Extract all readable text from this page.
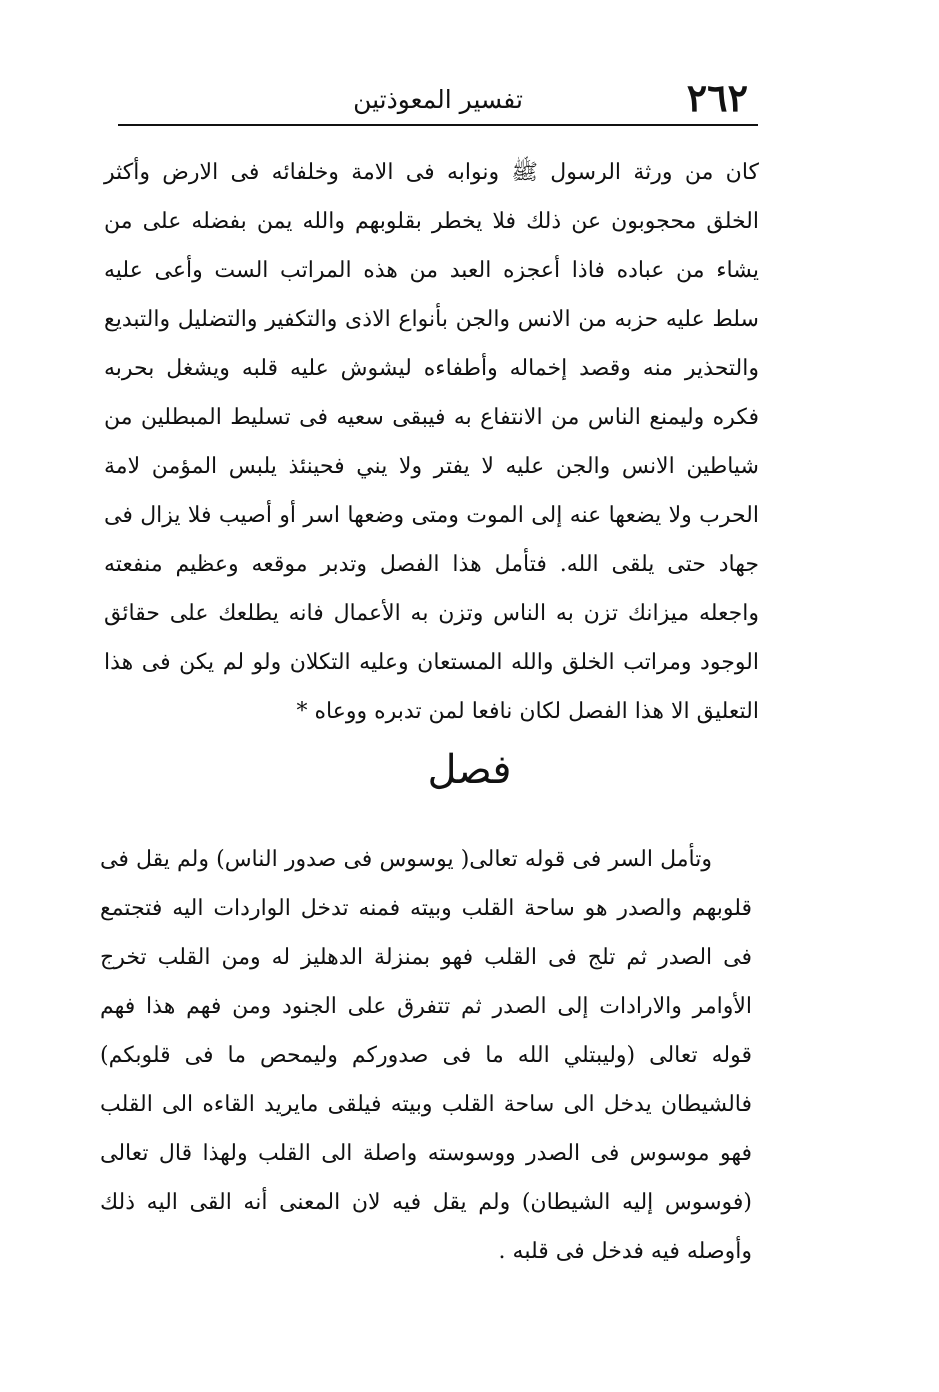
٢٦٢
تفسير المعوذتين

كان من ورثة الرسول ﷺ ونوابه فى الامة وخلفائه فى الارض وأكثر الخلق محجوبون عن ذلك فلا يخطر بقلوبهم والله يمن بفضله على من يشاء من عباده فاذا أعجزه العبد من هذه المراتب الست وأعى عليه سلط عليه حزبه من الانس والجن بأنواع الاذى والتكفير والتضليل والتبديع والتحذير منه وقصد إخماله وأطفاءه ليشوش عليه قلبه ويشغل بحربه فكره وليمنع الناس من الانتفاع به فيبقى سعيه فى تسليط المبطلين من شياطين الانس والجن عليه لا يفتر ولا يني فحينئذ يلبس المؤمن لامة الحرب ولا يضعها عنه إلى الموت ومتى وضعها اسر أو أصيب فلا يزال فى جهاد حتى يلقى الله. فتأمل هذا الفصل وتدبر موقعه وعظيم منفعته واجعله ميزانك تزن به الناس وتزن به الأعمال فانه يطلعك على حقائق الوجود ومراتب الخلق والله المستعان وعليه التكلان ولو لم يكن فى هذا التعليق الا هذا الفصل لكان نافعا لمن تدبره ووعاه *

فصل

وتأمل السر فى قوله تعالى( يوسوس فى صدور الناس) ولم يقل فى قلوبهم والصدر هو ساحة القلب وبيته فمنه تدخل الواردات اليه فتجتمع فى الصدر ثم تلج فى القلب فهو بمنزلة الدهليز له ومن القلب تخرج الأوامر والارادات إلى الصدر ثم تتفرق على الجنود ومن فهم هذا فهم قوله تعالى (وليبتلي الله ما فى صدوركم وليمحص ما فى قلوبكم) فالشيطان يدخل الى ساحة القلب وبيته فيلقى مايريد القاءه الى القلب فهو موسوس فى الصدر ووسوسته واصلة الى القلب ولهذا قال تعالى (فوسوس إليه الشيطان) ولم يقل فيه لان المعنى أنه القى اليه ذلك وأوصله فيه فدخل فى قلبه .
